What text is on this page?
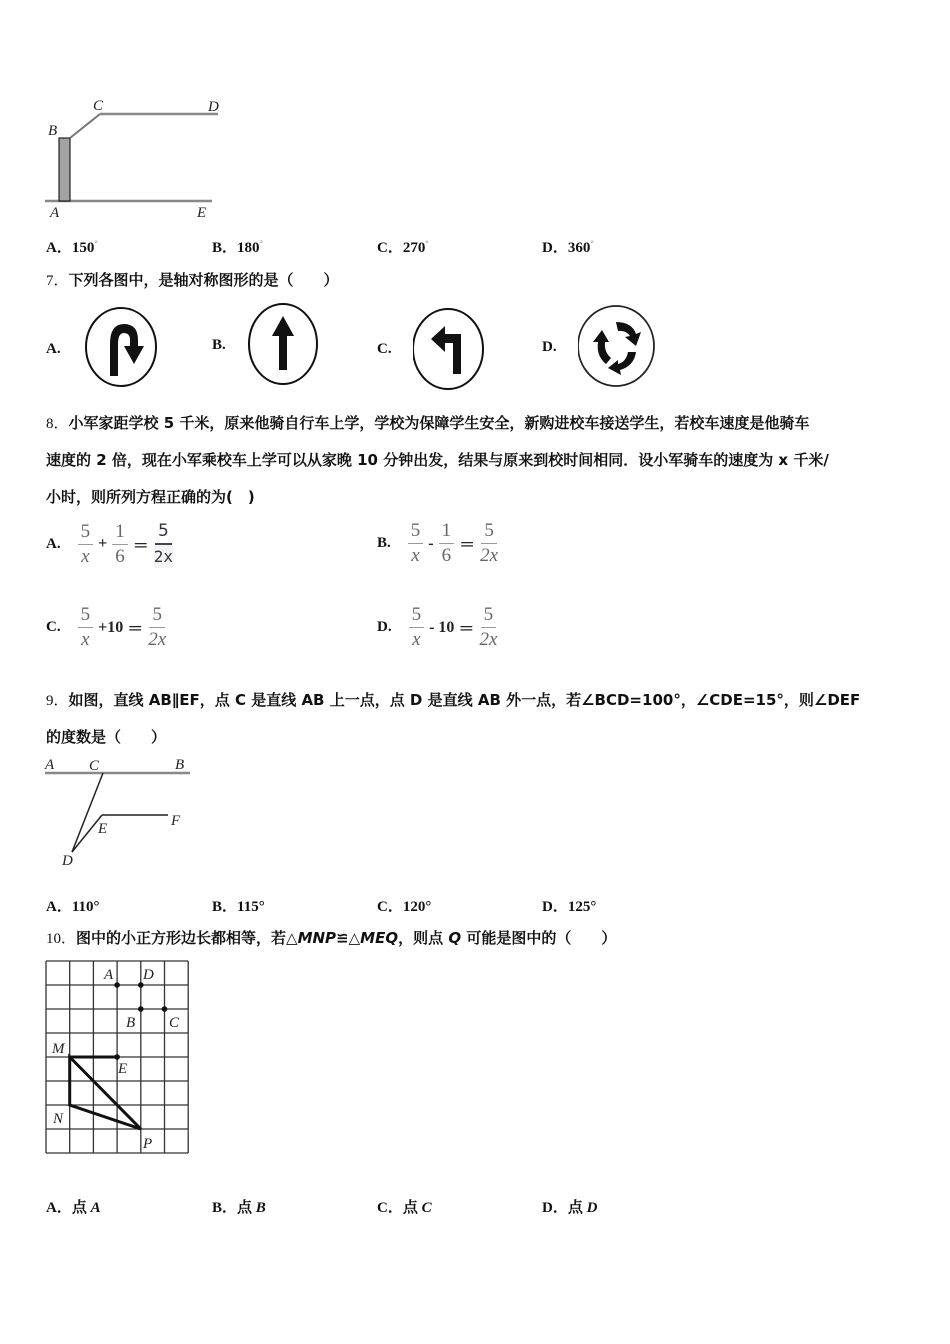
B
C	D
A	E
A．150°	B．180°	C．270°	D．360°
7．下列各图中，是轴对称图形的是（　　）
A.	B.	C.	D.
8．小军家距学校 5 千米，原来他骑自行车上学，学校为保障学生安全，新购进校车接送学生，若校车速度是他骑车
速度的 2 倍，现在小军乘校车上学可以从家晚 10 分钟出发，结果与原来到校时间相同．设小军骑车的速度为 x 千米/
小时，则所列方程正确的为(　)
A. $\frac{5}{x} + \frac{1}{6} = \frac{5}{2x}$	B. $\frac{5}{x} - \frac{1}{6} = \frac{5}{2x}$
C. $\frac{5}{x} +10 = \frac{5}{2x}$	D. $\frac{5}{x} - 10 = \frac{5}{2x}$
9．如图，直线 AB∥EF，点 C 是直线 AB 上一点，点 D 是直线 AB 外一点，若∠BCD=100°，∠CDE=15°，则∠DEF
的度数是（　　）
A C	B
E	F
D
A．110°	B．115°	C．120°	D．125°
10．图中的小正方形边长都相等，若△MNP≌△MEQ，则点 Q 可能是图中的（　　）
A D
B C
M
E
N
P
A．点 A	B．点 B	C．点 C	D．点 D
